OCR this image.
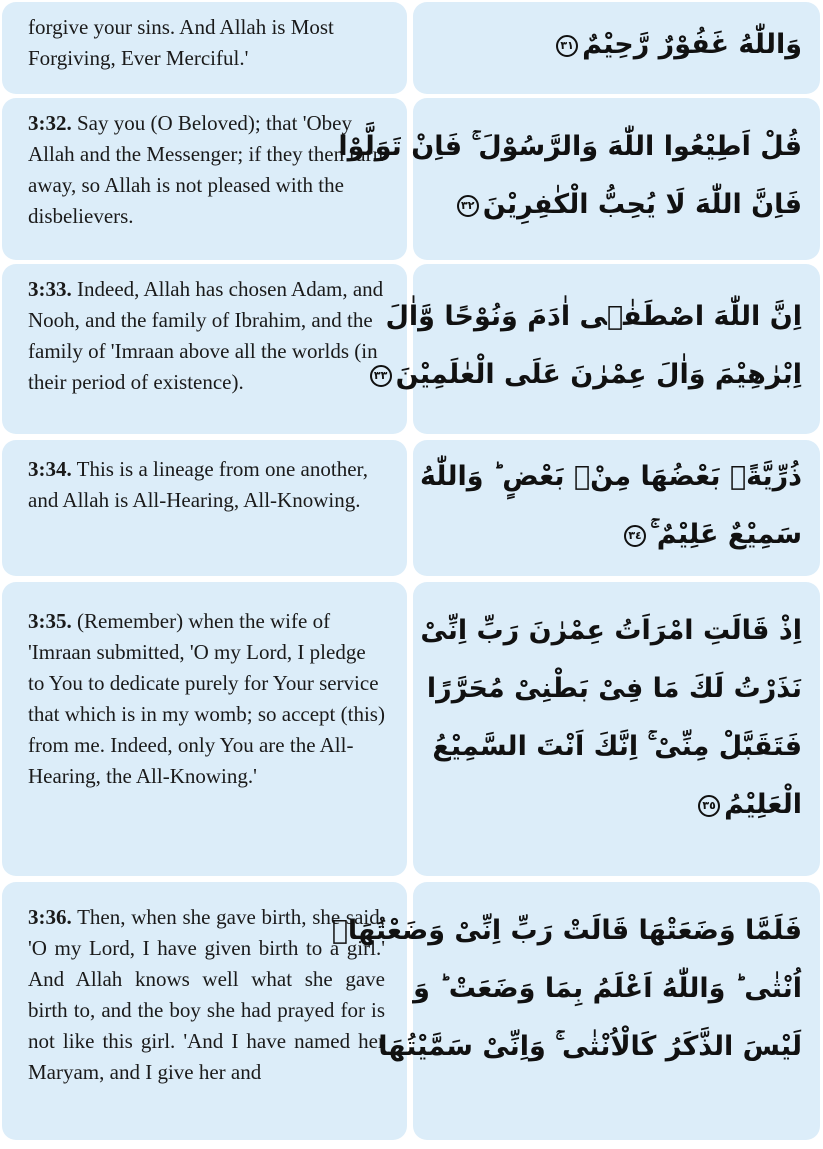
forgive your sins. And Allah is Most Forgiving, Ever Merciful.'	وَاللّٰهُ غَفُوْرٌ رَّحِيْمٌ٣١

3:32. Say you (O Beloved); that 'Obey Allah and the Messenger; if they then turn away, so Allah is not pleased with the disbelievers.

قُلْ اَطِيْعُوا اللّٰهَ وَالرَّسُوْلَ ۚ فَاِنْ تَوَلَّوْا
فَاِنَّ اللّٰهَ لَا يُحِبُّ الْكٰفِرِيْنَ٣٢

3:33. Indeed, Allah has chosen Adam, and Nooh, and the family of Ibrahim, and the family of 'Imraan above all the worlds (in their period of existence).

اِنَّ اللّٰهَ اصْطَفٰۤى اٰدَمَ وَنُوْحًا وَّاٰلَ
اِبْرٰهِيْمَ وَاٰلَ عِمْرٰنَ عَلَى الْعٰلَمِيْنَ٣٣

3:34. This is a lineage from one another, and Allah is All-Hearing, All-Knowing.

ذُرِّيَّةًۢ بَعْضُهَا مِنْۢ بَعْضٍ ؕ وَاللّٰهُ
سَمِيْعٌ عَلِيْمٌ ۚ٣٤

3:35. (Remember) when the wife of 'Imraan submitted, 'O my Lord, I pledge to You to dedicate purely for Your service that which is in my womb; so accept (this) from me. Indeed, only You are the All-Hearing, the All-Knowing.'

اِذْ قَالَتِ امْرَاَتُ عِمْرٰنَ رَبِّ اِنِّىْ
نَذَرْتُ لَكَ مَا فِىْ بَطْنِىْ مُحَرَّرًا
فَتَقَبَّلْ مِنِّىْ ۚ اِنَّكَ اَنْتَ السَّمِيْعُ
الْعَلِيْمُ٣٥

3:36. Then, when she gave birth, she said, 'O my Lord, I have given birth to a girl.' And Allah knows well what she gave birth to, and the boy she had prayed for is not like this girl. 'And I have named her Maryam, and I give her and

فَلَمَّا وَضَعَتْهَا قَالَتْ رَبِّ اِنِّىْ وَضَعْتُهَاۤ
اُنْثٰى ؕ وَاللّٰهُ اَعْلَمُ بِمَا وَضَعَتْ ؕ وَ
لَيْسَ الذَّكَرُ كَالْاُنْثٰى ۚ وَاِنِّىْ سَمَّيْتُهَا
